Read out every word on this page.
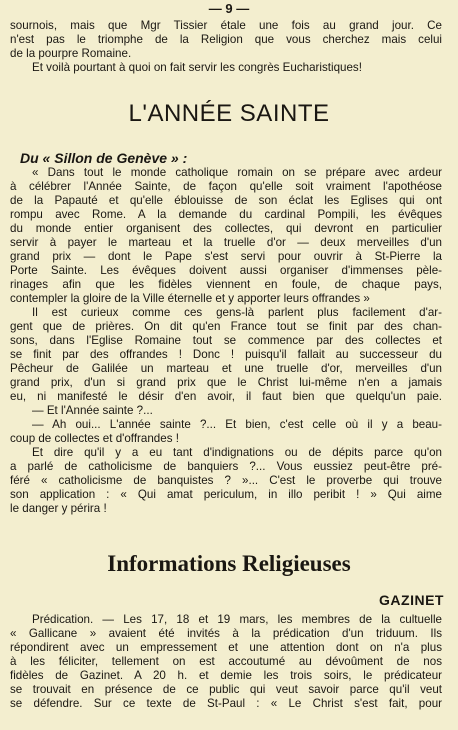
— 9 —
sournois, mais que Mgr Tissier étale une fois au grand jour. Ce
n'est pas le triomphe de la Religion que vous cherchez mais celui
de la pourpre Romaine.
Et voilà pourtant à quoi on fait servir les congrès Eucharistiques!
L'ANNÉE SAINTE
Du « Sillon de Genève » :
« Dans tout le monde catholique romain on se prépare avec ardeur
à célébrer l'Année Sainte, de façon qu'elle soit vraiment l'apothéose
de la Papauté et qu'elle éblouisse de son éclat les Eglises qui ont
rompu avec Rome. A la demande du cardinal Pompili, les évêques
du monde entier organisent des collectes, qui devront en particulier
servir à payer le marteau et la truelle d'or — deux merveilles d'un
grand prix — dont le Pape s'est servi pour ouvrir à St-Pierre la
Porte Sainte. Les évêques doivent aussi organiser d'immenses pèle-
rinages afin que les fidèles viennent en foule, de chaque pays,
contempler la gloire de la Ville éternelle et y apporter leurs offrandes »
Il est curieux comme ces gens-là parlent plus facilement d'ar-
gent que de prières. On dit qu'en France tout se finit par des chan-
sons, dans l'Eglise Romaine tout se commence par des collectes et
se finit par des offrandes ! Donc ! puisqu'il fallait au successeur du
Pêcheur de Galilée un marteau et une truelle d'or, merveilles d'un
grand prix, d'un si grand prix que le Christ lui-même n'en a jamais
eu, ni manifesté le désir d'en avoir, il faut bien que quelqu'un paie.
— Et l'Année sainte ?...
— Ah oui... L'année sainte ?... Et bien, c'est celle où il y a beau-
coup de collectes et d'offrandes !
Et dire qu'il y a eu tant d'indignations ou de dépits parce qu'on
a parlé de catholicisme de banquiers ?... Vous eussiez peut-être pré-
féré « catholicisme de banquistes ? »... C'est le proverbe qui trouve
son application : « Qui amat periculum, in illo peribit ! » Qui aime
le danger y périra !
Informations Religieuses
GAZINET
Prédication. — Les 17, 18 et 19 mars, les membres de la cultuelle
« Gallicane » avaient été invités à la prédication d'un triduum. Ils
répondirent avec un empressement et une attention dont on n'a plus
à les féliciter, tellement on est accoutumé au dévoûment de nos
fidèles de Gazinet. A 20 h. et demie les trois soirs, le prédicateur
se trouvait en présence de ce public qui veut savoir parce qu'il veut
se défendre. Sur ce texte de St-Paul : « Le Christ s'est fait, pour
